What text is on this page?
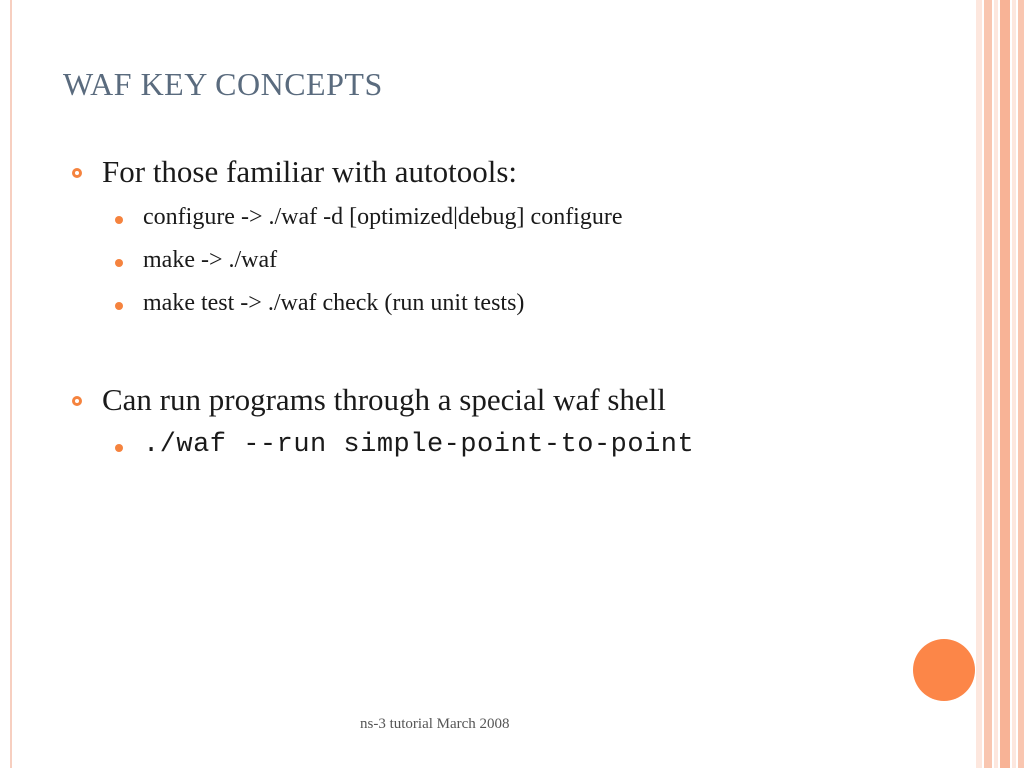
WAF KEY CONCEPTS
For those familiar with autotools:
configure -> ./waf -d [optimized|debug] configure
make -> ./waf
make test -> ./waf check (run unit tests)
Can run programs through a special waf shell
./waf --run simple-point-to-point
ns-3 tutorial March 2008
